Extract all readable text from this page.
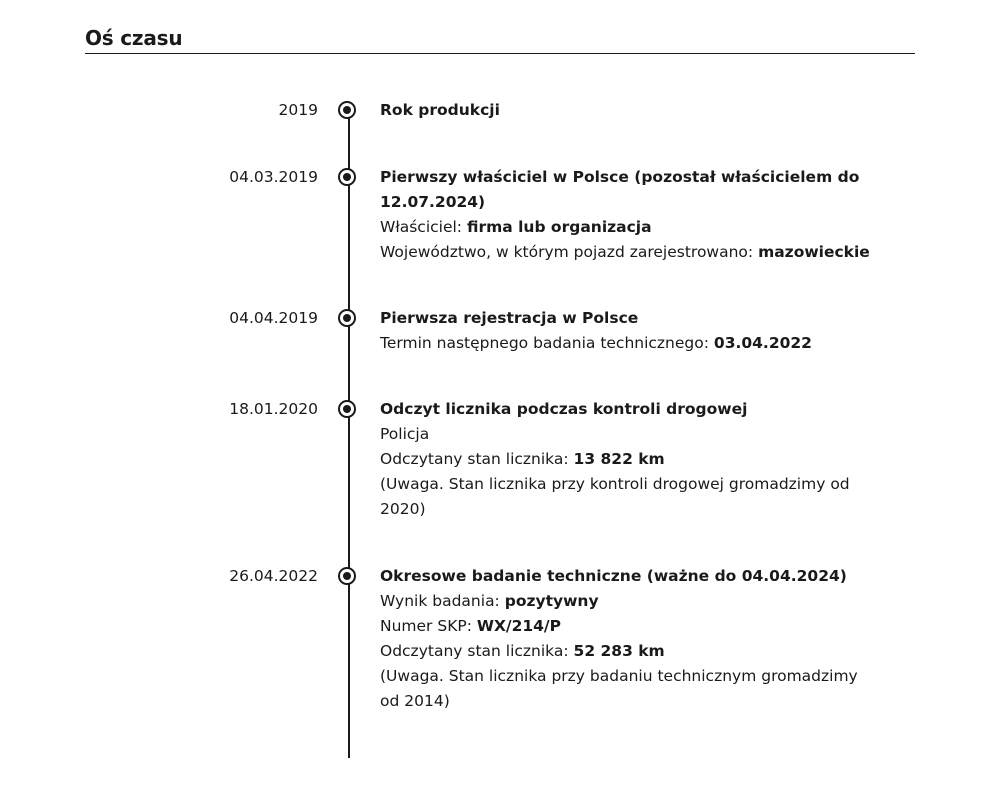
Oś czasu
2019	Rok produkcji
04.03.2019	Pierwszy właściciel w Polsce (pozostał właścicielem do 12.07.2024)
Właściciel: firma lub organizacja
Województwo, w którym pojazd zarejestrowano: mazowieckie
04.04.2019	Pierwsza rejestracja w Polsce
Termin następnego badania technicznego: 03.04.2022
18.01.2020	Odczyt licznika podczas kontroli drogowej
Policja
Odczytany stan licznika: 13 822 km
(Uwaga. Stan licznika przy kontroli drogowej gromadzimy od 2020)
26.04.2022	Okresowe badanie techniczne (ważne do 04.04.2024)
Wynik badania: pozytywny
Numer SKP: WX/214/P
Odczytany stan licznika: 52 283 km
(Uwaga. Stan licznika przy badaniu technicznym gromadzimy od 2014)
